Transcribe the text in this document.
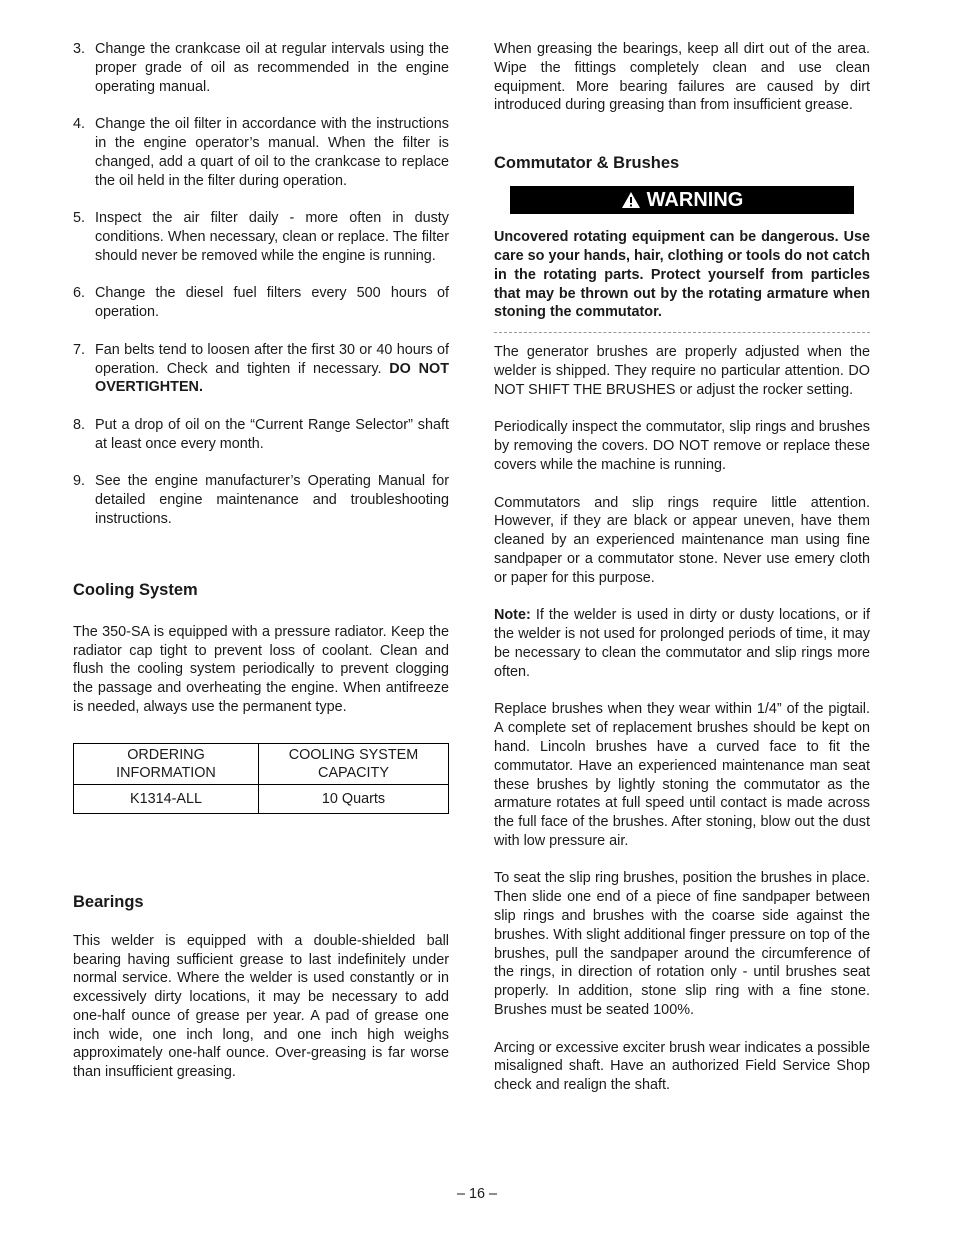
3. Change the crankcase oil at regular intervals using the proper grade of oil as recommended in the engine operating manual.
4. Change the oil filter in accordance with the instructions in the engine operator’s manual. When the filter is changed, add a quart of oil to the crankcase to replace the oil held in the filter during operation.
5. Inspect the air filter daily - more often in dusty conditions. When necessary, clean or replace. The filter should never be removed while the engine is running.
6. Change the diesel fuel filters every 500 hours of operation.
7. Fan belts tend to loosen after the first 30 or 40 hours of operation. Check and tighten if necessary. DO NOT OVERTIGHTEN.
8. Put a drop of oil on the “Current Range Selector” shaft at least once every month.
9. See the engine manufacturer’s Operating Manual for detailed engine maintenance and troubleshooting instructions.
Cooling System

The 350-SA is equipped with a pressure radiator. Keep the radiator cap tight to prevent loss of coolant. Clean and flush the cooling system periodically to prevent clogging the passage and overheating the engine. When antifreeze is needed, always use the permanent type.

ORDERING INFORMATION	COOLING SYSTEM CAPACITY
K1314-ALL	10 Quarts
Bearings

This welder is equipped with a double-shielded ball bearing having sufficient grease to last indefinitely under normal service. Where the welder is used constantly or in excessively dirty locations, it may be necessary to add one-half ounce of grease per year. A pad of grease one inch wide, one inch long, and one inch high weighs approximately one-half ounce. Over-greasing is far worse than insufficient greasing.

When greasing the bearings, keep all dirt out of the area. Wipe the fittings completely clean and use clean equipment. More bearing failures are caused by dirt introduced during greasing than from insufficient grease.

Commutator & Brushes
WARNING

Uncovered rotating equipment can be dangerous. Use care so your hands, hair, clothing or tools do not catch in the rotating parts. Protect yourself from particles that may be thrown out by the rotating armature when stoning the commutator.

The generator brushes are properly adjusted when the welder is shipped. They require no particular attention. DO NOT SHIFT THE BRUSHES or adjust the rocker setting.

Periodically inspect the commutator, slip rings and brushes by removing the covers. DO NOT remove or replace these covers while the machine is running.

Commutators and slip rings require little attention. However, if they are black or appear uneven, have them cleaned by an experienced maintenance man using fine sandpaper or a commutator stone. Never use emery cloth or paper for this purpose.

Note: If the welder is used in dirty or dusty locations, or if the welder is not used for prolonged periods of time, it may be necessary to clean the commutator and slip rings more often.

Replace brushes when they wear within 1/4” of the pigtail. A complete set of replacement brushes should be kept on hand. Lincoln brushes have a curved face to fit the commutator. Have an experienced maintenance man seat these brushes by lightly stoning the commutator as the armature rotates at full speed until contact is made across the full face of the brushes. After stoning, blow out the dust with low pressure air.

To seat the slip ring brushes, position the brushes in place. Then slide one end of a piece of fine sandpaper between slip rings and brushes with the coarse side against the brushes. With slight additional finger pressure on top of the brushes, pull the sandpaper around the circumference of the rings, in direction of rotation only - until brushes seat properly. In addition, stone slip ring with a fine stone. Brushes must be seated 100%.

Arcing or excessive exciter brush wear indicates a possible misaligned shaft. Have an authorized Field Service Shop check and realign the shaft.

– 16 –
